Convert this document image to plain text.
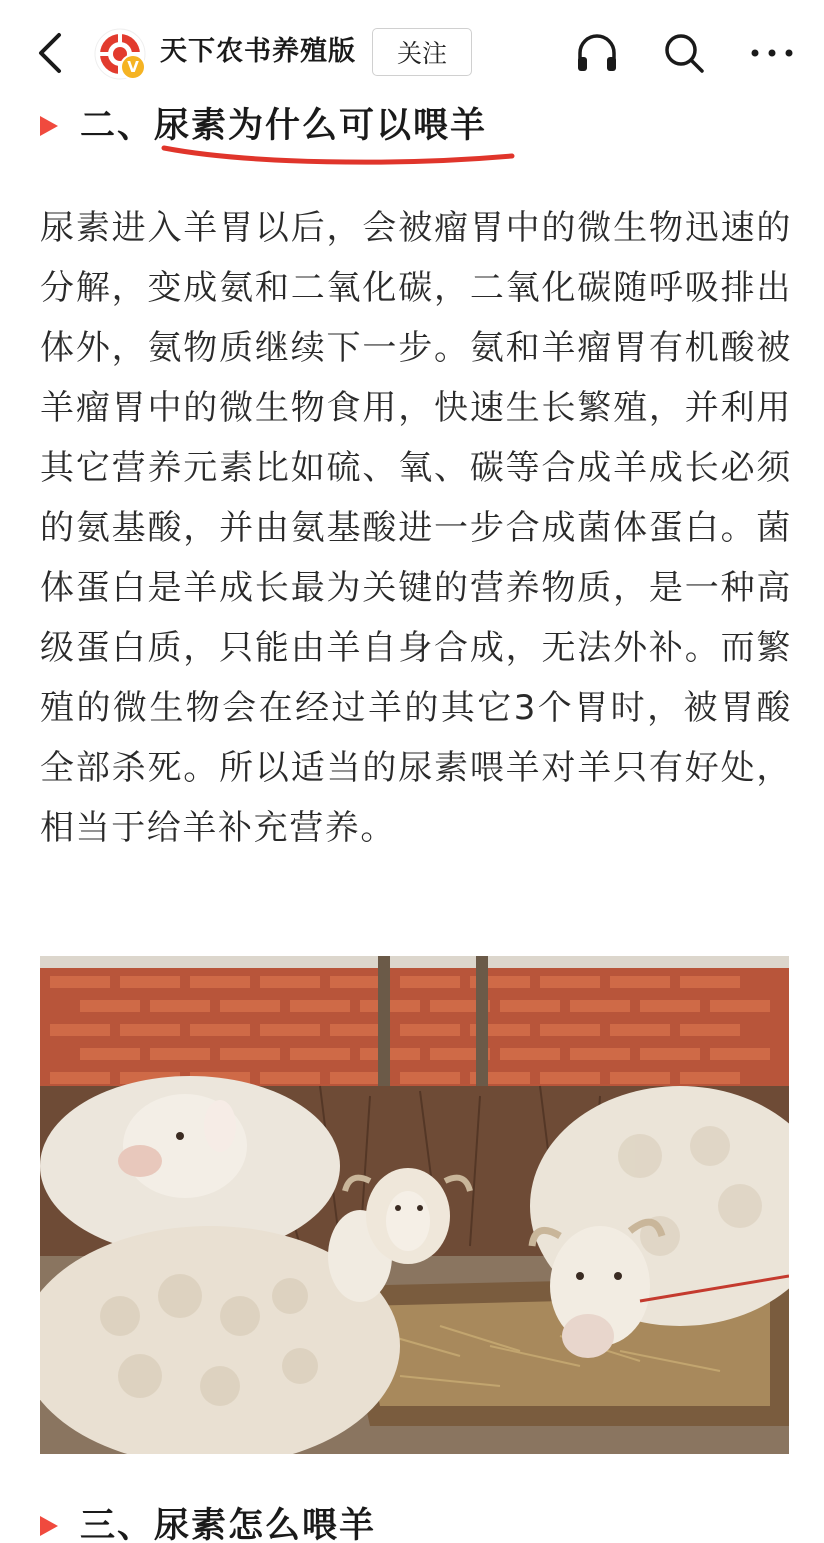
V 天下农书养殖版	关注
二、尿素为什么可以喂羊

尿素进入羊胃以后，会被瘤胃中的微生物迅速的分解，变成氨和二氧化碳，二氧化碳随呼吸排出体外，氨物质继续下一步。氨和羊瘤胃有机酸被羊瘤胃中的微生物食用，快速生长繁殖，并利用其它营养元素比如硫、氧、碳等合成羊成长必须的氨基酸，并由氨基酸进一步合成菌体蛋白。菌体蛋白是羊成长最为关键的营养物质，是一种高级蛋白质，只能由羊自身合成，无法外补。而繁殖的微生物会在经过羊的其它3个胃时，被胃酸全部杀死。所以适当的尿素喂羊对羊只有好处，相当于给羊补充营养。

三、尿素怎么喂羊
